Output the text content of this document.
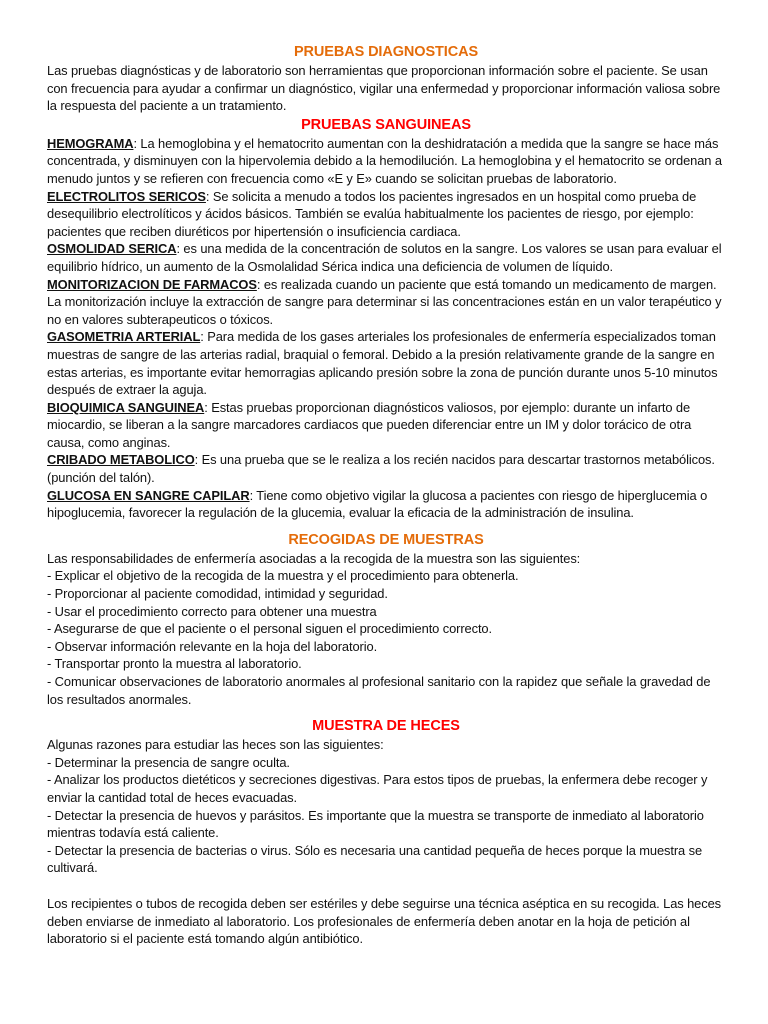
PRUEBAS DIAGNOSTICAS

Las pruebas diagnósticas y de laboratorio son herramientas que proporcionan información sobre el paciente. Se usan con frecuencia para ayudar a confirmar un diagnóstico, vigilar una enfermedad y proporcionar información valiosa sobre la respuesta del paciente a un tratamiento.

PRUEBAS SANGUINEAS

HEMOGRAMA: La hemoglobina y el hematocrito aumentan con la deshidratación a medida que la sangre se hace más concentrada, y disminuyen con la hipervolemia debido a la hemodilución. La hemoglobina y el hematocrito se ordenan a menudo juntos y se refieren con frecuencia como «E y E» cuando se solicitan pruebas de laboratorio.

ELECTROLITOS SERICOS: Se solicita a menudo a todos los pacientes ingresados en un hospital como prueba de desequilibrio electrolíticos y ácidos básicos. También se evalúa habitualmente los pacientes de riesgo, por ejemplo: pacientes que reciben diuréticos por hipertensión o insuficiencia cardiaca.

OSMOLIDAD SERICA: es una medida de la concentración de solutos en la sangre. Los valores se usan para evaluar el equilibrio hídrico, un aumento de la Osmolalidad Sérica indica una deficiencia de volumen de líquido.

MONITORIZACION DE FARMACOS: es realizada cuando un paciente que está tomando un medicamento de margen. La monitorización incluye la extracción de sangre para determinar si las concentraciones están en un valor terapéutico y no en valores subterapeuticos o tóxicos.

GASOMETRIA ARTERIAL: Para medida de los gases arteriales los profesionales de enfermería especializados toman muestras de sangre de las arterias radial, braquial o femoral. Debido a la presión relativamente grande de la sangre en estas arterias, es importante evitar hemorragias aplicando presión sobre la zona de punción durante unos 5-10 minutos después de extraer la aguja.

BIOQUIMICA SANGUINEA: Estas pruebas proporcionan diagnósticos valiosos, por ejemplo: durante un infarto de miocardio, se liberan a la sangre marcadores cardiacos que pueden diferenciar entre un IM y dolor torácico de otra causa, como anginas.

CRIBADO METABOLICO: Es una prueba que se le realiza a los recién nacidos para descartar trastornos metabólicos. (punción del talón).

GLUCOSA EN SANGRE CAPILAR: Tiene como objetivo vigilar la glucosa a pacientes con riesgo de hiperglucemia o hipoglucemia, favorecer la regulación de la glucemia, evaluar la eficacia de la administración de insulina.

RECOGIDAS DE MUESTRAS

Las responsabilidades de enfermería asociadas a la recogida de la muestra son las siguientes:

- Explicar el objetivo de la recogida de la muestra y el procedimiento para obtenerla.
- Proporcionar al paciente comodidad, intimidad y seguridad.
- Usar el procedimiento correcto para obtener una muestra
- Asegurarse de que el paciente o el personal siguen el procedimiento correcto.
- Observar información relevante en la hoja del laboratorio.
- Transportar pronto la muestra al laboratorio.
- Comunicar observaciones de laboratorio anormales al profesional sanitario con la rapidez que señale la gravedad de los resultados anormales.
MUESTRA DE HECES

Algunas razones para estudiar las heces son las siguientes:

- Determinar la presencia de sangre oculta.
- Analizar los productos dietéticos y secreciones digestivas. Para estos tipos de pruebas, la enfermera debe recoger y enviar la cantidad total de heces evacuadas.
- Detectar la presencia de huevos y parásitos. Es importante que la muestra se transporte de inmediato al laboratorio mientras todavía está caliente.
- Detectar la presencia de bacterias o virus. Sólo es necesaria una cantidad pequeña de heces porque la muestra se cultivará.

Los recipientes o tubos de recogida deben ser estériles y debe seguirse una técnica aséptica en su recogida. Las heces deben enviarse de inmediato al laboratorio. Los profesionales de enfermería deben anotar en la hoja de petición al laboratorio si el paciente está tomando algún antibiótico.
